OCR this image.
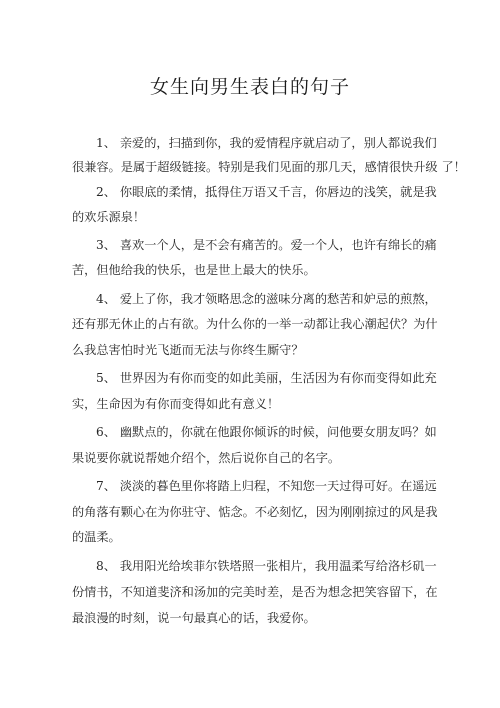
女生向男生表白的句子
1、 亲爱的，扫描到你，我的爱情程序就启动了，别人都说我们
很兼容。是属于超级链接。特别是我们见面的那几天，感情很快升级 了！
2、 你眼底的柔情，抵得住万语又千言，你唇边的浅笑，就是我
的欢乐源泉！
3、 喜欢一个人，是不会有痛苦的。爱一个人，也许有绵长的痛
苦，但他给我的快乐，也是世上最大的快乐。
4、 爱上了你，我才领略思念的滋味分离的愁苦和妒忌的煎熬，
还有那无休止的占有欲。为什么你的一举一动都让我心潮起伏？为什
么我总害怕时光飞逝而无法与你终生厮守？
5、 世界因为有你而变的如此美丽，生活因为有你而变得如此充
实，生命因为有你而变得如此有意义！
6、 幽默点的，你就在他跟你倾诉的时候，问他要女朋友吗？如
果说要你就说帮她介绍个，然后说你自己的名字。
7、 淡淡的暮色里你将踏上归程，不知您一天过得可好。在遥远
的角落有颗心在为你驻守、惦念。不必刻忆，因为刚刚掠过的风是我
的温柔。
8、 我用阳光给埃菲尔铁塔照一张相片，我用温柔写给洛杉矶一
份情书，不知道斐济和汤加的完美时差，是否为想念把笑容留下，在
最浪漫的时刻，说一句最真心的话，我爱你。
